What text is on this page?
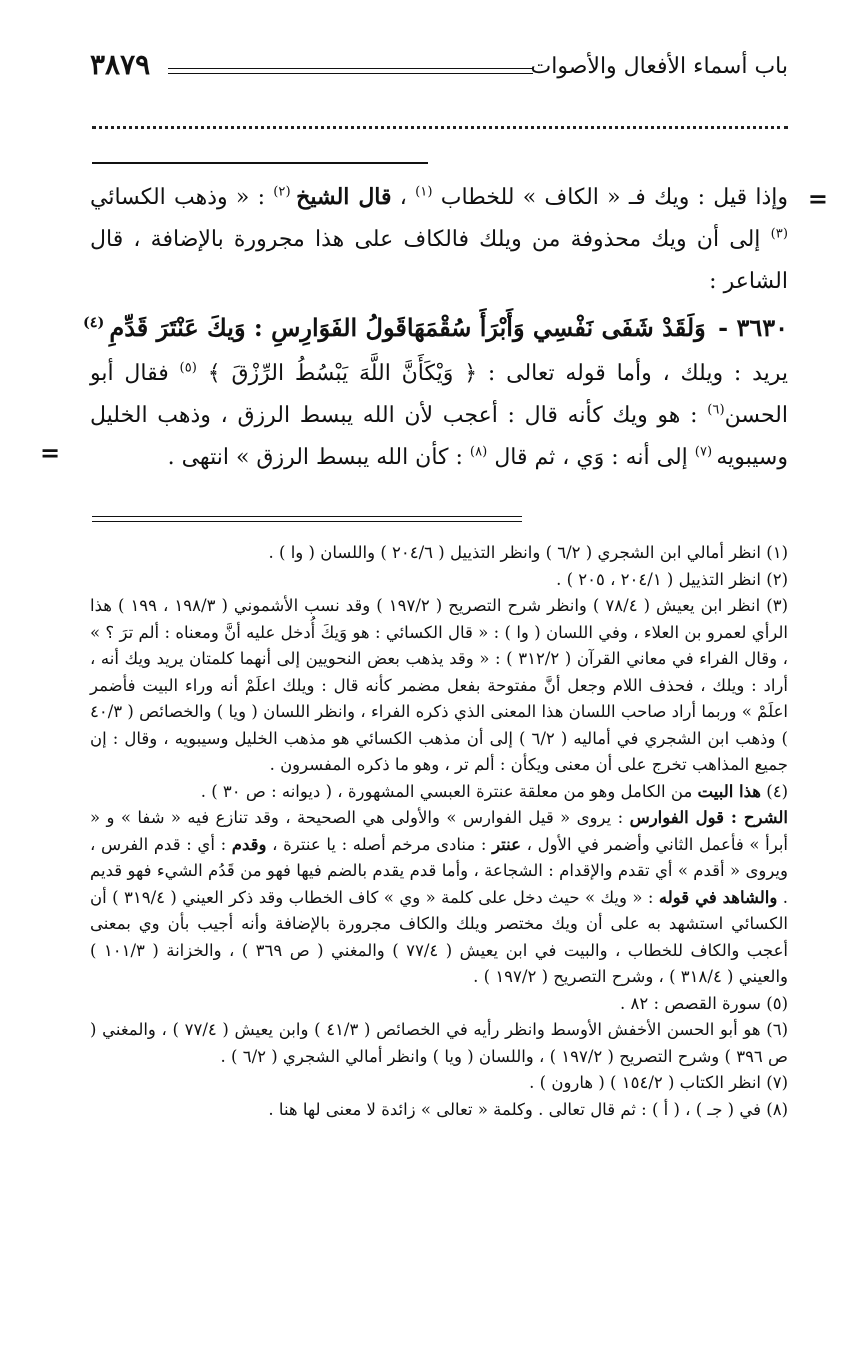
باب أسماء الأفعال والأصوات
٣٨٧٩
=
=

وإذا قيل : ويك فـ « الكاف » للخطاب $^{(١)}$ ، قال الشيخ $^{(٢)}$ : « وذهب الكسائي $^{(٣)}$ إلى أن ويك محذوفة من ويلك فالكاف على هذا مجرورة بالإضافة ، قال الشاعر :

٣٦٣٠ - وَلَقَدْ شَفَى نَفْسِي وَأَبْرَأَ سُقْمَهَا
قَولُ الفَوَارِسِ : وَيكَ عَنْتَرَ قَدِّمِ $^{(٤)}$

يريد : ويلك ، وأما قوله تعالى : ﴿ وَيْكَأَنَّ اللَّهَ يَبْسُطُ الرِّزْقَ ﴾ $^{(٥)}$ فقال أبو الحسن$^{(٦)}$ : هو ويك كأنه قال : أعجب لأن الله يبسط الرزق ، وذهب الخليل وسيبويه $^{(٧)}$ إلى أنه : وَي ، ثم قال $^{(٨)}$ : كأن الله يبسط الرزق » انتهى .

(١) انظر أمالي ابن الشجري ( ٦/٢ ) وانظر التذييل ( ٢٠٤/٦ ) واللسان ( وا ) .

(٢) انظر التذييل ( ٢٠٤/١ ، ٢٠٥ ) .

(٣) انظر ابن يعيش ( ٧٨/٤ ) وانظر شرح التصريح ( ١٩٧/٢ ) وقد نسب الأشموني ( ١٩٨/٣ ، ١٩٩ ) هذا الرأي لعمرو بن العلاء ، وفي اللسان ( وا ) : « قال الكسائي : هو وَيكَ أُدخل عليه أنَّ ومعناه : ألم ترَ ؟ » ، وقال الفراء في معاني القرآن ( ٣١٢/٢ ) : « وقد يذهب بعض النحويين إلى أنهما كلمتان يريد ويك أنه ، أراد : ويلك ، فحذف اللام وجعل أنَّ مفتوحة بفعل مضمر كأنه قال : ويلك اعلَمْ أنه وراء البيت فأضمر اعلَمْ » وربما أراد صاحب اللسان هذا المعنى الذي ذكره الفراء ، وانظر اللسان ( ويا ) والخصائص ( ٤٠/٣ ) وذهب ابن الشجري في أماليه ( ٦/٢ ) إلى أن مذهب الكسائي هو مذهب الخليل وسيبويه ، وقال : إن جميع المذاهب تخرج على أن معنى ويكأن : ألم تر ، وهو ما ذكره المفسرون .

(٤) هذا البيت من الكامل وهو من معلقة عنترة العبسي المشهورة ، ( ديوانه : ص ٣٠ ) .
الشرح : قول الفوارس : يروى « قيل الفوارس » والأولى هي الصحيحة ، وقد تنازع فيه « شفا » و « أبرأ » فأعمل الثاني وأضمر في الأول ، عنتر : منادى مرخم أصله : يا عنترة ، وقدم : أي : قدم الفرس ، ويروى « أقدم » أي تقدم والإقدام : الشجاعة ، وأما قدم يقدم بالضم فيها فهو من قَدُم الشيء فهو قديم . والشاهد في قوله : « ويك » حيث دخل على كلمة « وي » كاف الخطاب وقد ذكر العيني ( ٣١٩/٤ ) أن الكسائي استشهد به على أن ويك مختصر ويلك والكاف مجرورة بالإضافة وأنه أجيب بأن وي بمعنى أعجب والكاف للخطاب ، والبيت في ابن يعيش ( ٧٧/٤ ) والمغني ( ص ٣٦٩ ) ، والخزانة ( ١٠١/٣ ) والعيني ( ٣١٨/٤ ) ، وشرح التصريح ( ١٩٧/٢ ) .

(٥) سورة القصص : ٨٢ .

(٦) هو أبو الحسن الأخفش الأوسط وانظر رأيه في الخصائص ( ٤١/٣ ) وابن يعيش ( ٧٧/٤ ) ، والمغني ( ص ٣٩٦ ) وشرح التصريح ( ١٩٧/٢ ) ، واللسان ( ويا ) وانظر أمالي الشجري ( ٦/٢ ) .

(٧) انظر الكتاب ( ١٥٤/٢ ) ( هارون ) .

(٨) في ( جـ ) ، ( أ ) : ثم قال تعالى . وكلمة « تعالى » زائدة لا معنى لها هنا .
